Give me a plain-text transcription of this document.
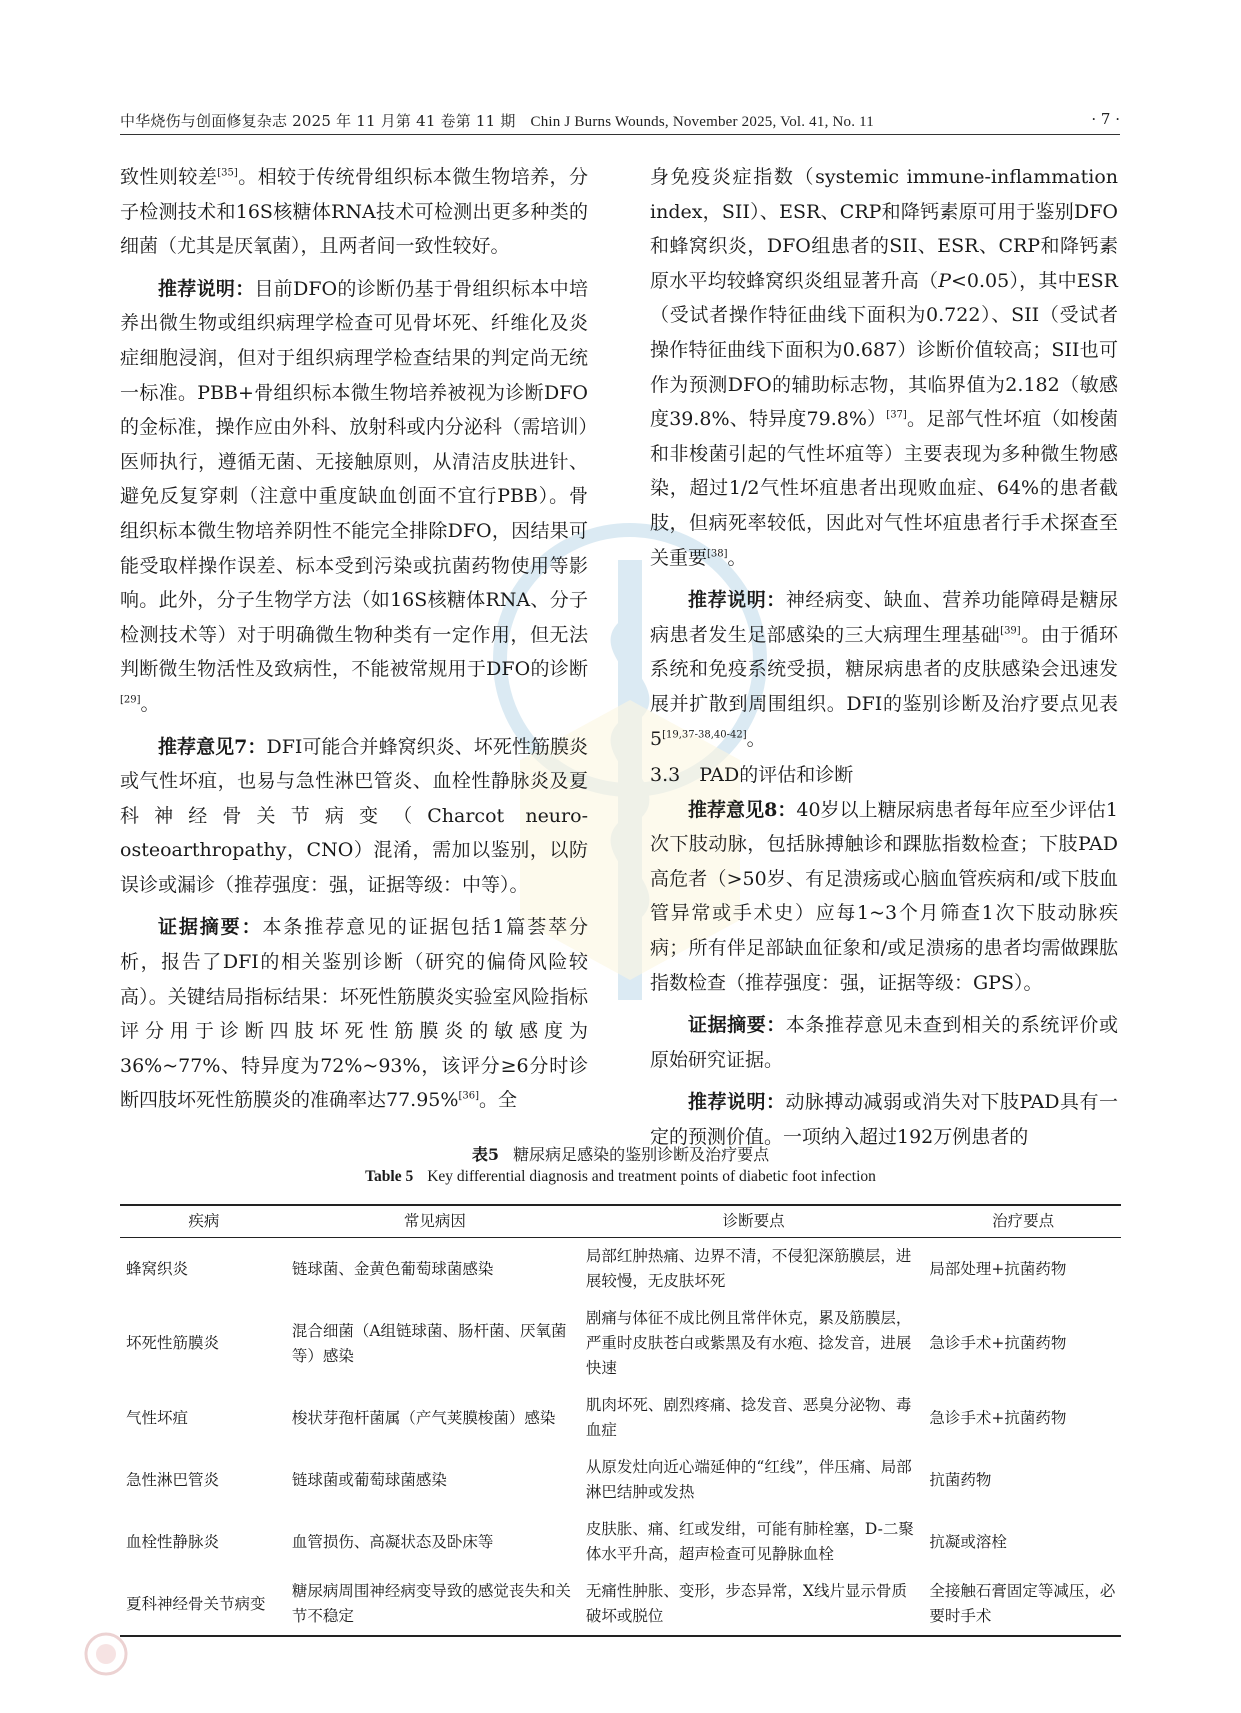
中华烧伤与创面修复杂志 2025 年 11 月第 41 卷第 11 期 Chin J Burns Wounds, November 2025, Vol. 41, No. 11	· 7 ·

致性则较差[35]。相较于传统骨组织标本微生物培养，分子检测技术和16S核糖体RNA技术可检测出更多种类的细菌（尤其是厌氧菌），且两者间一致性较好。

推荐说明：目前DFO的诊断仍基于骨组织标本中培养出微生物或组织病理学检查可见骨坏死、纤维化及炎症细胞浸润，但对于组织病理学检查结果的判定尚无统一标准。PBB+骨组织标本微生物培养被视为诊断DFO的金标准，操作应由外科、放射科或内分泌科（需培训）医师执行，遵循无菌、无接触原则，从清洁皮肤进针、避免反复穿刺（注意中重度缺血创面不宜行PBB）。骨组织标本微生物培养阴性不能完全排除DFO，因结果可能受取样操作误差、标本受到污染或抗菌药物使用等影响。此外，分子生物学方法（如16S核糖体RNA、分子检测技术等）对于明确微生物种类有一定作用，但无法判断微生物活性及致病性，不能被常规用于DFO的诊断[29]。

推荐意见7：DFI可能合并蜂窝织炎、坏死性筋膜炎或气性坏疽，也易与急性淋巴管炎、血栓性静脉炎及夏科神经骨关节病变（Charcot neuro-osteoarthropathy，CNO）混淆，需加以鉴别，以防误诊或漏诊（推荐强度：强，证据等级：中等）。

证据摘要：本条推荐意见的证据包括1篇荟萃分析，报告了DFI的相关鉴别诊断（研究的偏倚风险较高）。关键结局指标结果：坏死性筋膜炎实验室风险指标评分用于诊断四肢坏死性筋膜炎的敏感度为36%~77%、特异度为72%~93%，该评分≥6分时诊断四肢坏死性筋膜炎的准确率达77.95%[36]。全

身免疫炎症指数（systemic immune-inflammation index，SII）、ESR、CRP和降钙素原可用于鉴别DFO和蜂窝织炎，DFO组患者的SII、ESR、CRP和降钙素原水平均较蜂窝织炎组显著升高（P<0.05），其中ESR（受试者操作特征曲线下面积为0.722）、SII（受试者操作特征曲线下面积为0.687）诊断价值较高；SII也可作为预测DFO的辅助标志物，其临界值为2.182（敏感度39.8%、特异度79.8%）[37]。足部气性坏疽（如梭菌和非梭菌引起的气性坏疽等）主要表现为多种微生物感染，超过1/2气性坏疽患者出现败血症、64%的患者截肢，但病死率较低，因此对气性坏疽患者行手术探查至关重要[38]。

推荐说明：神经病变、缺血、营养功能障碍是糖尿病患者发生足部感染的三大病理生理基础[39]。由于循环系统和免疫系统受损，糖尿病患者的皮肤感染会迅速发展并扩散到周围组织。DFI的鉴别诊断及治疗要点见表5[19,37-38,40-42]。

3.3　PAD的评估和诊断

推荐意见8：40岁以上糖尿病患者每年应至少评估1次下肢动脉，包括脉搏触诊和踝肱指数检查；下肢PAD高危者（>50岁、有足溃疡或心脑血管疾病和/或下肢血管异常或手术史）应每1~3个月筛查1次下肢动脉疾病；所有伴足部缺血征象和/或足溃疡的患者均需做踝肱指数检查（推荐强度：强，证据等级：GPS）。

证据摘要：本条推荐意见未查到相关的系统评价或原始研究证据。

推荐说明：动脉搏动减弱或消失对下肢PAD具有一定的预测价值。一项纳入超过192万例患者的

表5 糖尿病足感染的鉴别诊断及治疗要点
Table 5 Key differential diagnosis and treatment points of diabetic foot infection
疾病	常见病因	诊断要点	治疗要点
蜂窝织炎	链球菌、金黄色葡萄球菌感染	局部红肿热痛、边界不清，不侵犯深筋膜层，进展较慢，无皮肤坏死	局部处理+抗菌药物
坏死性筋膜炎	混合细菌（A组链球菌、肠杆菌、厌氧菌等）感染	剧痛与体征不成比例且常伴休克，累及筋膜层，严重时皮肤苍白或紫黑及有水疱、捻发音，进展快速	急诊手术+抗菌药物
气性坏疽	梭状芽孢杆菌属（产气荚膜梭菌）感染	肌肉坏死、剧烈疼痛、捻发音、恶臭分泌物、毒血症	急诊手术+抗菌药物
急性淋巴管炎	链球菌或葡萄球菌感染	从原发灶向近心端延伸的“红线”，伴压痛、局部淋巴结肿或发热	抗菌药物
血栓性静脉炎	血管损伤、高凝状态及卧床等	皮肤胀、痛、红或发绀，可能有肺栓塞，D-二聚体水平升高，超声检查可见静脉血栓	抗凝或溶栓
夏科神经骨关节病变	糖尿病周围神经病变导致的感觉丧失和关节不稳定	无痛性肿胀、变形，步态异常，X线片显示骨质破坏或脱位	全接触石膏固定等减压，必要时手术
